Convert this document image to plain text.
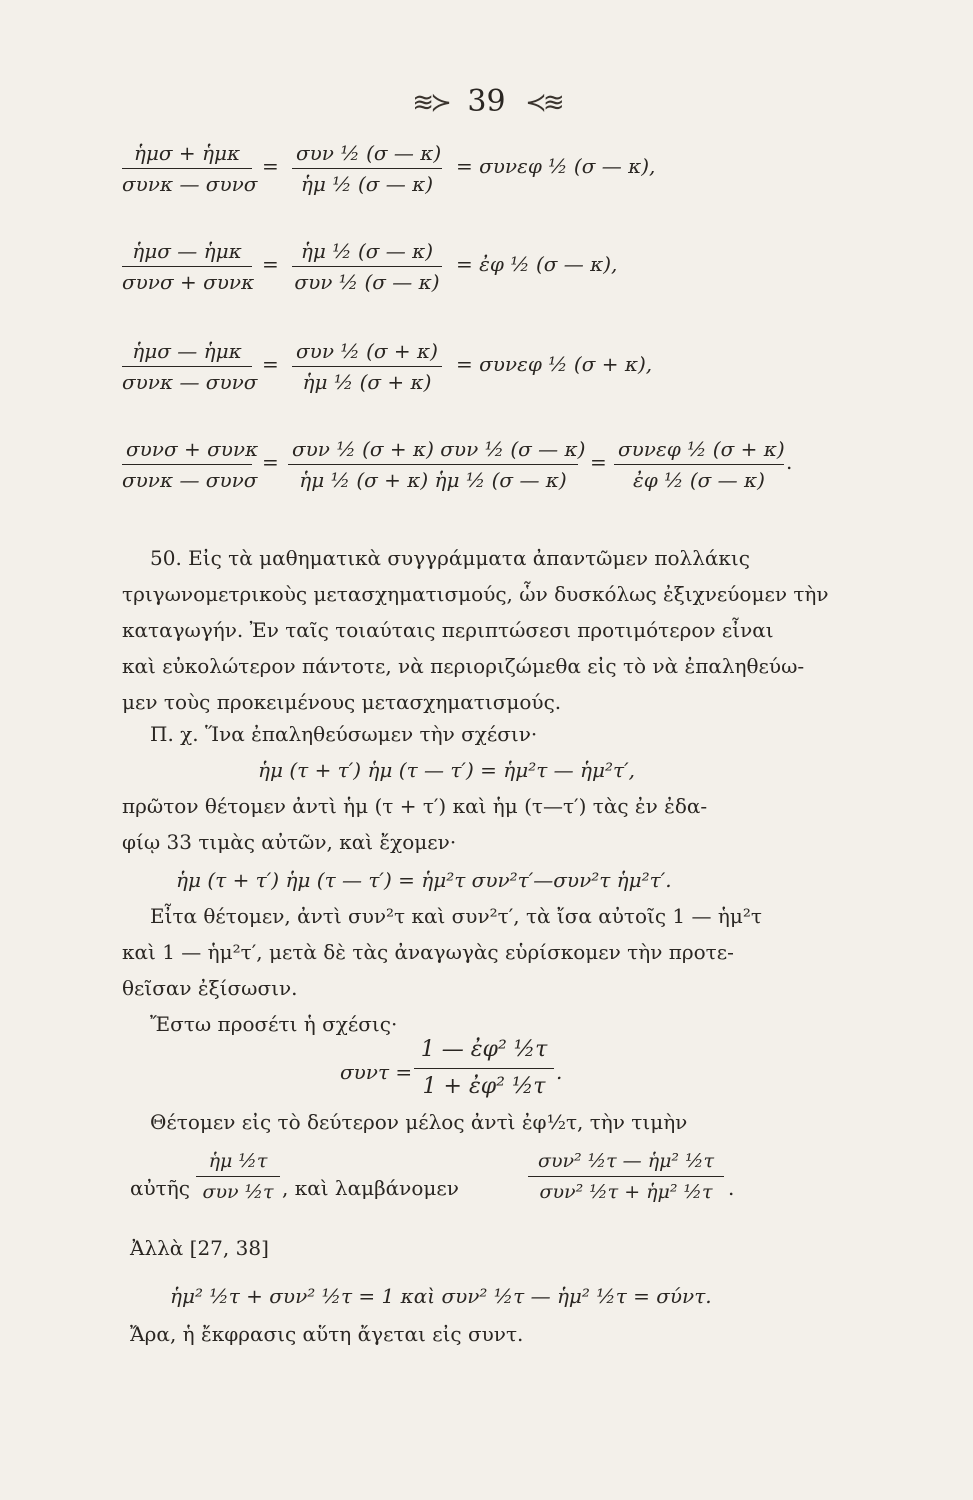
≋≻ 39 ≺≋
ἡμσ + ἡμκ
συνκ — συνσ
=
συν ½ (σ — κ)
ἡμ ½ (σ — κ)
= συνεφ ½ (σ — κ),
ἡμσ — ἡμκ
συνσ + συνκ
=
ἡμ ½ (σ — κ)
συν ½ (σ — κ)
= ἐφ ½ (σ — κ),
ἡμσ — ἡμκ
συνκ — συνσ
=
συν ½ (σ + κ)
ἡμ ½ (σ + κ)
= συνεφ ½ (σ + κ),
συνσ + συνκ
συνκ — συνσ
=
συν ½ (σ + κ) συν ½ (σ — κ)
ἡμ ½ (σ + κ) ἡμ ½ (σ — κ)
=
συνεφ ½ (σ + κ)
ἐφ ½ (σ — κ)
.
50. Εἰς τὰ μαθηματικὰ συγγράμματα ἀπαντῶμεν πολλάκις
τριγωνομετρικοὺς μετασχηματισμούς, ὧν δυσκόλως ἐξιχνεύομεν τὴν
καταγωγήν. Ἐν ταῖς τοιαύταις περιπτώσεσι προτιμότερον εἶναι
καὶ εὐκολώτερον πάντοτε, νὰ περιοριζώμεθα εἰς τὸ νὰ ἐπαληθεύω-
μεν τοὺς προκειμένους μετασχηματισμούς.
Π. χ. Ἵνα ἐπαληθεύσωμεν τὴν σχέσιν·
ἡμ (τ + τ′) ἡμ (τ — τ′) = ἡμ²τ — ἡμ²τ′,
πρῶτον θέτομεν ἀντὶ ἡμ (τ + τ′) καὶ ἡμ (τ—τ′) τὰς ἐν ἐδα-
φίῳ 33 τιμὰς αὐτῶν, καὶ ἔχομεν·
ἡμ (τ + τ′) ἡμ (τ — τ′) = ἡμ²τ συν²τ′—συν²τ ἡμ²τ′.
Εἶτα θέτομεν, ἀντὶ συν²τ καὶ συν²τ′, τὰ ἴσα αὐτοῖς 1 — ἡμ²τ
καὶ 1 — ἡμ²τ′, μετὰ δὲ τὰς ἀναγωγὰς εὑρίσκομεν τὴν προτε-
θεῖσαν ἐξίσωσιν.
Ἔστω προσέτι ἡ σχέσις·
$\sigma\upsilon\nu\tau = \frac{\text{1 — ἐφ² ½τ}}{\text{1 + ἐφ² ½τ}}$ .
Θέτομεν εἰς τὸ δεύτερον μέλος ἀντὶ ἐφ½τ, τὴν τιμὴν
αὐτῆς
ἡμ ½τ
συν ½τ , καὶ λαμβάνομεν
συν² ½τ — ἡμ² ½τ
συν² ½τ + ἡμ² ½τ .
Ἀλλὰ [27, 38]
ἡμ² ½τ + συν² ½τ = 1 καὶ συν² ½τ — ἡμ² ½τ = σύντ.
Ἄρα, ἡ ἔκφρασις αὕτη ἄγεται εἰς συντ.
